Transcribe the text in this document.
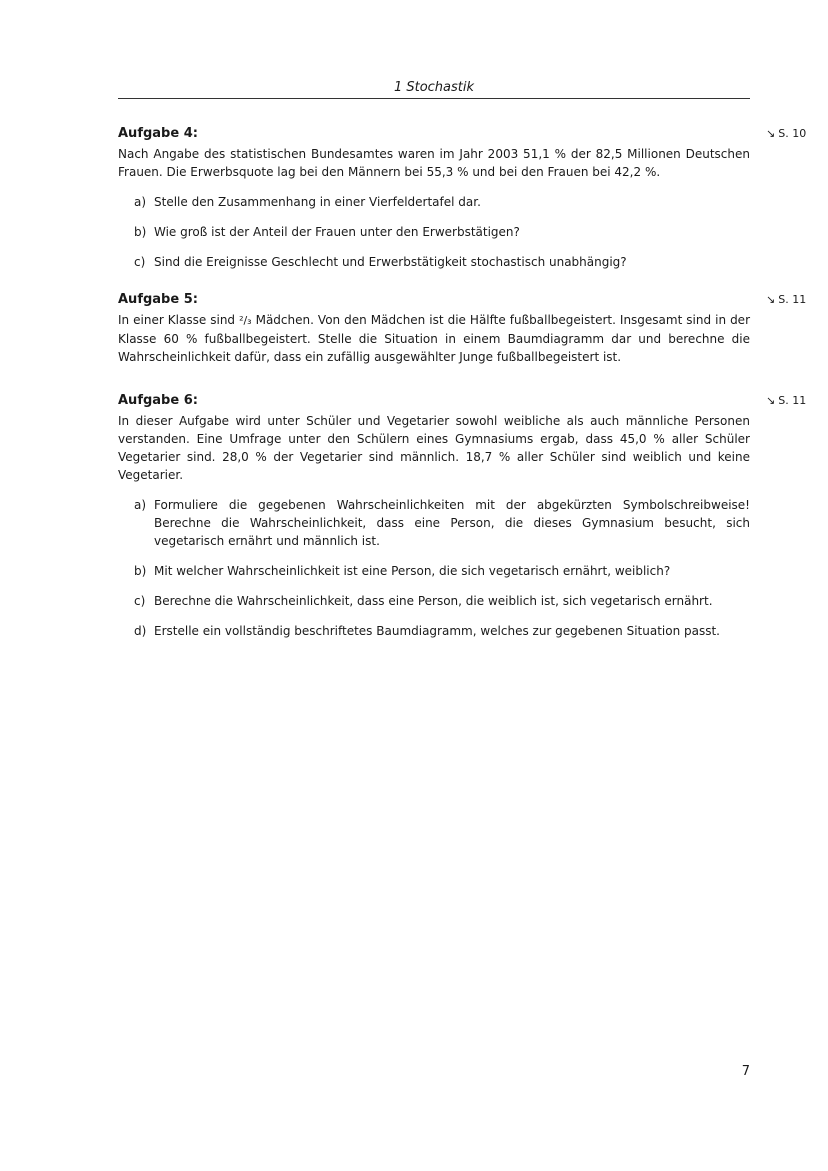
1 Stochastik
Aufgabe 4:	↘ S. 10

Nach Angabe des statistischen Bundesamtes waren im Jahr 2003 51,1 % der 82,5 Millionen Deutschen Frauen. Die Erwerbsquote lag bei den Männern bei 55,3 % und bei den Frauen bei 42,2 %.

a) Stelle den Zusammenhang in einer Vierfeldertafel dar.
b) Wie groß ist der Anteil der Frauen unter den Erwerbstätigen?
c) Sind die Ereignisse Geschlecht und Erwerbstätigkeit stochastisch unabhängig?
Aufgabe 5:	↘ S. 11

In einer Klasse sind ²/₃ Mädchen. Von den Mädchen ist die Hälfte fußballbegeistert. Insgesamt sind in der Klasse 60 % fußballbegeistert. Stelle die Situation in einem Baumdiagramm dar und berechne die Wahrscheinlichkeit dafür, dass ein zufällig ausgewählter Junge fußballbegeistert ist.

Aufgabe 6:	↘ S. 11

In dieser Aufgabe wird unter Schüler und Vegetarier sowohl weibliche als auch männliche Personen verstanden. Eine Umfrage unter den Schülern eines Gymnasiums ergab, dass 45,0 % aller Schüler Vegetarier sind. 28,0 % der Vegetarier sind männlich. 18,7 % aller Schüler sind weiblich und keine Vegetarier.

a) Formuliere die gegebenen Wahrscheinlichkeiten mit der abgekürzten Symbolschreibweise! Berechne die Wahrscheinlichkeit, dass eine Person, die dieses Gymnasium besucht, sich vegetarisch ernährt und männlich ist.
b) Mit welcher Wahrscheinlichkeit ist eine Person, die sich vegetarisch ernährt, weiblich?
c) Berechne die Wahrscheinlichkeit, dass eine Person, die weiblich ist, sich vegetarisch ernährt.
d) Erstelle ein vollständig beschriftetes Baumdiagramm, welches zur gegebenen Situation passt.
7
